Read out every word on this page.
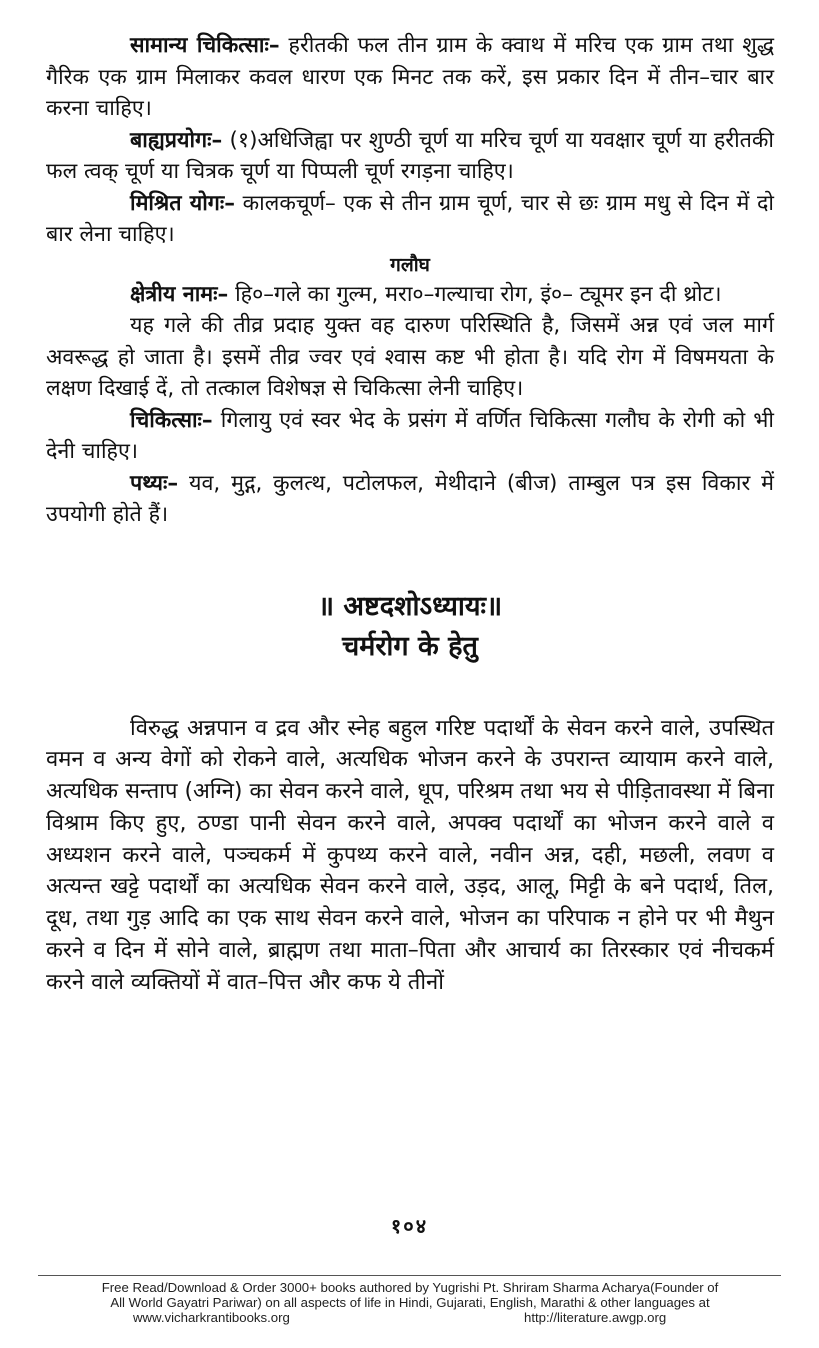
सामान्य चिकित्साः– हरीतकी फल तीन ग्राम के क्वाथ में मरिच एक ग्राम तथा शुद्ध गैरिक एक ग्राम मिलाकर कवल धारण एक मिनट तक करें, इस प्रकार दिन में तीन–चार बार करना चाहिए।

बाह्यप्रयोगः– (१)अधिजिह्वा पर शुण्ठी चूर्ण या मरिच चूर्ण या यवक्षार चूर्ण या हरीतकी फल त्वक् चूर्ण या चित्रक चूर्ण या पिप्पली चूर्ण रगड़ना चाहिए।

मिश्रित योगः– कालकचूर्ण– एक से तीन ग्राम चूर्ण, चार से छः ग्राम मधु से दिन में दो बार लेना चाहिए।

गलौघ

क्षेत्रीय नामः– हि०–गले का गुल्म, मरा०–गल्याचा रोग, इं०– ट्यूमर इन दी थ्रोट।

यह गले की तीव्र प्रदाह युक्त वह दारुण परिस्थिति है, जिसमें अन्न एवं जल मार्ग अवरूद्ध हो जाता है। इसमें तीव्र ज्वर एवं श्वास कष्ट भी होता है। यदि रोग में विषमयता के लक्षण दिखाई दें, तो तत्काल विशेषज्ञ से चिकित्सा लेनी चाहिए।

चिकित्साः– गिलायु एवं स्वर भेद के प्रसंग में वर्णित चिकित्सा गलौघ के रोगी को भी देनी चाहिए।

पथ्यः– यव, मुद्ग, कुलत्थ, पटोलफल, मेथीदाने (बीज) ताम्बुल पत्र इस विकार में उपयोगी होते हैं।

॥ अष्टदशोऽध्यायः॥

चर्मरोग के हेतु

विरुद्ध अन्नपान व द्रव और स्नेह बहुल गरिष्ट पदार्थों के सेवन करने वाले, उपस्थित वमन व अन्य वेगों को रोकने वाले, अत्यधिक भोजन करने के उपरान्त व्यायाम करने वाले, अत्यधिक सन्ताप (अग्नि) का सेवन करने वाले, धूप, परिश्रम तथा भय से पीड़ितावस्था में बिना विश्राम किए हुए, ठण्डा पानी सेवन करने वाले, अपक्व पदार्थों का भोजन करने वाले व अध्यशन करने वाले, पञ्चकर्म में कुपथ्य करने वाले, नवीन अन्न, दही, मछली, लवण व अत्यन्त खट्टे पदार्थों का अत्यधिक सेवन करने वाले, उड़द, आलू, मिट्टी के बने पदार्थ, तिल, दूध, तथा गुड़ आदि का एक साथ सेवन करने वाले, भोजन का परिपाक न होने पर भी मैथुन करने व दिन में सोने वाले, ब्राह्मण तथा माता–पिता और आचार्य का तिरस्कार एवं नीचकर्म करने वाले व्यक्तियों में वात–पित्त और कफ ये तीनों

१०४
Free Read/Download & Order 3000+ books authored by Yugrishi Pt. Shriram Sharma Acharya(Founder of
All World Gayatri Pariwar) on all aspects of life in Hindi, Gujarati, English, Marathi & other languages at
www.vicharkrantibooks.org	http://literature.awgp.org
